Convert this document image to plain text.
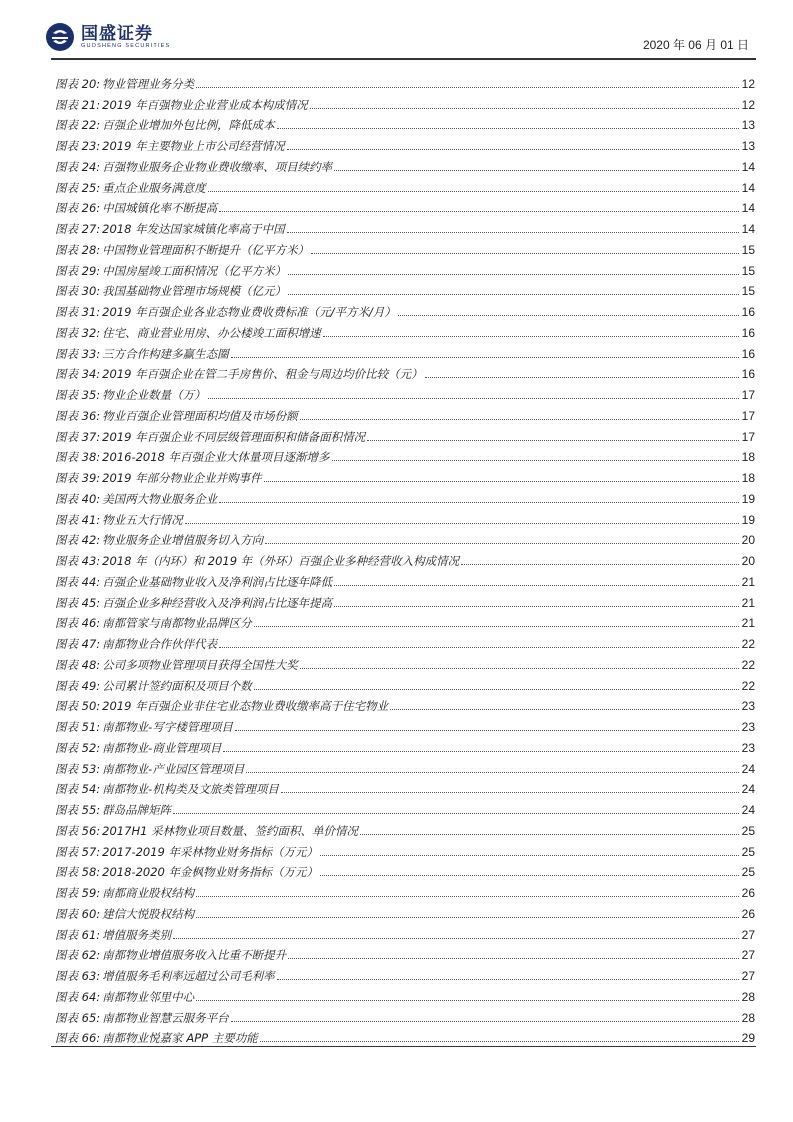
国盛证券
GUOSHENG SECURITIES	2020 年 06 月 01 日
图表 20: 物业管理业务分类	12
图表 21: 2019 年百强物业企业营业成本构成情况	12
图表 22: 百强企业增加外包比例，降低成本	13
图表 23: 2019 年主要物业上市公司经营情况	13
图表 24: 百强物业服务企业物业费收缴率、项目续约率	14
图表 25: 重点企业服务满意度	14
图表 26: 中国城镇化率不断提高	14
图表 27: 2018 年发达国家城镇化率高于中国	14
图表 28: 中国物业管理面积不断提升（亿平方米）	15
图表 29: 中国房屋竣工面积情况（亿平方米）	15
图表 30: 我国基础物业管理市场规模（亿元）	15
图表 31: 2019 年百强企业各业态物业费收费标准（元/平方米/月）	16
图表 32: 住宅、商业营业用房、办公楼竣工面积增速	16
图表 33: 三方合作构建多赢生态圈	16
图表 34: 2019 年百强企业在管二手房售价、租金与周边均价比较（元）	16
图表 35: 物业企业数量（万）	17
图表 36: 物业百强企业管理面积均值及市场份额	17
图表 37: 2019 年百强企业不同层级管理面积和储备面积情况	17
图表 38: 2016-2018 年百强企业大体量项目逐渐增多	18
图表 39: 2019 年部分物业企业并购事件	18
图表 40: 美国两大物业服务企业	19
图表 41: 物业五大行情况	19
图表 42: 物业服务企业增值服务切入方向	20
图表 43: 2018 年（内环）和 2019 年（外环）百强企业多种经营收入构成情况	20
图表 44: 百强企业基础物业收入及净利润占比逐年降低	21
图表 45: 百强企业多种经营收入及净利润占比逐年提高	21
图表 46: 南都管家与南都物业品牌区分	21
图表 47: 南都物业合作伙伴代表	22
图表 48: 公司多项物业管理项目获得全国性大奖	22
图表 49: 公司累计签约面积及项目个数	22
图表 50: 2019 年百强企业非住宅业态物业费收缴率高于住宅物业	23
图表 51: 南都物业-写字楼管理项目	23
图表 52: 南都物业-商业管理项目	23
图表 53: 南都物业-产业园区管理项目	24
图表 54: 南都物业-机构类及文旅类管理项目	24
图表 55: 群岛品牌矩阵	24
图表 56: 2017H1 采林物业项目数量、签约面积、单价情况	25
图表 57: 2017-2019 年采林物业财务指标（万元）	25
图表 58: 2018-2020 年金枫物业财务指标（万元）	25
图表 59: 南都商业股权结构	26
图表 60: 建信大悦股权结构	26
图表 61: 增值服务类别	27
图表 62: 南都物业增值服务收入比重不断提升	27
图表 63: 增值服务毛利率远超过公司毛利率	27
图表 64: 南都物业邻里中心	28
图表 65: 南都物业智慧云服务平台	28
图表 66: 南都物业悦嘉家 APP 主要功能	29
